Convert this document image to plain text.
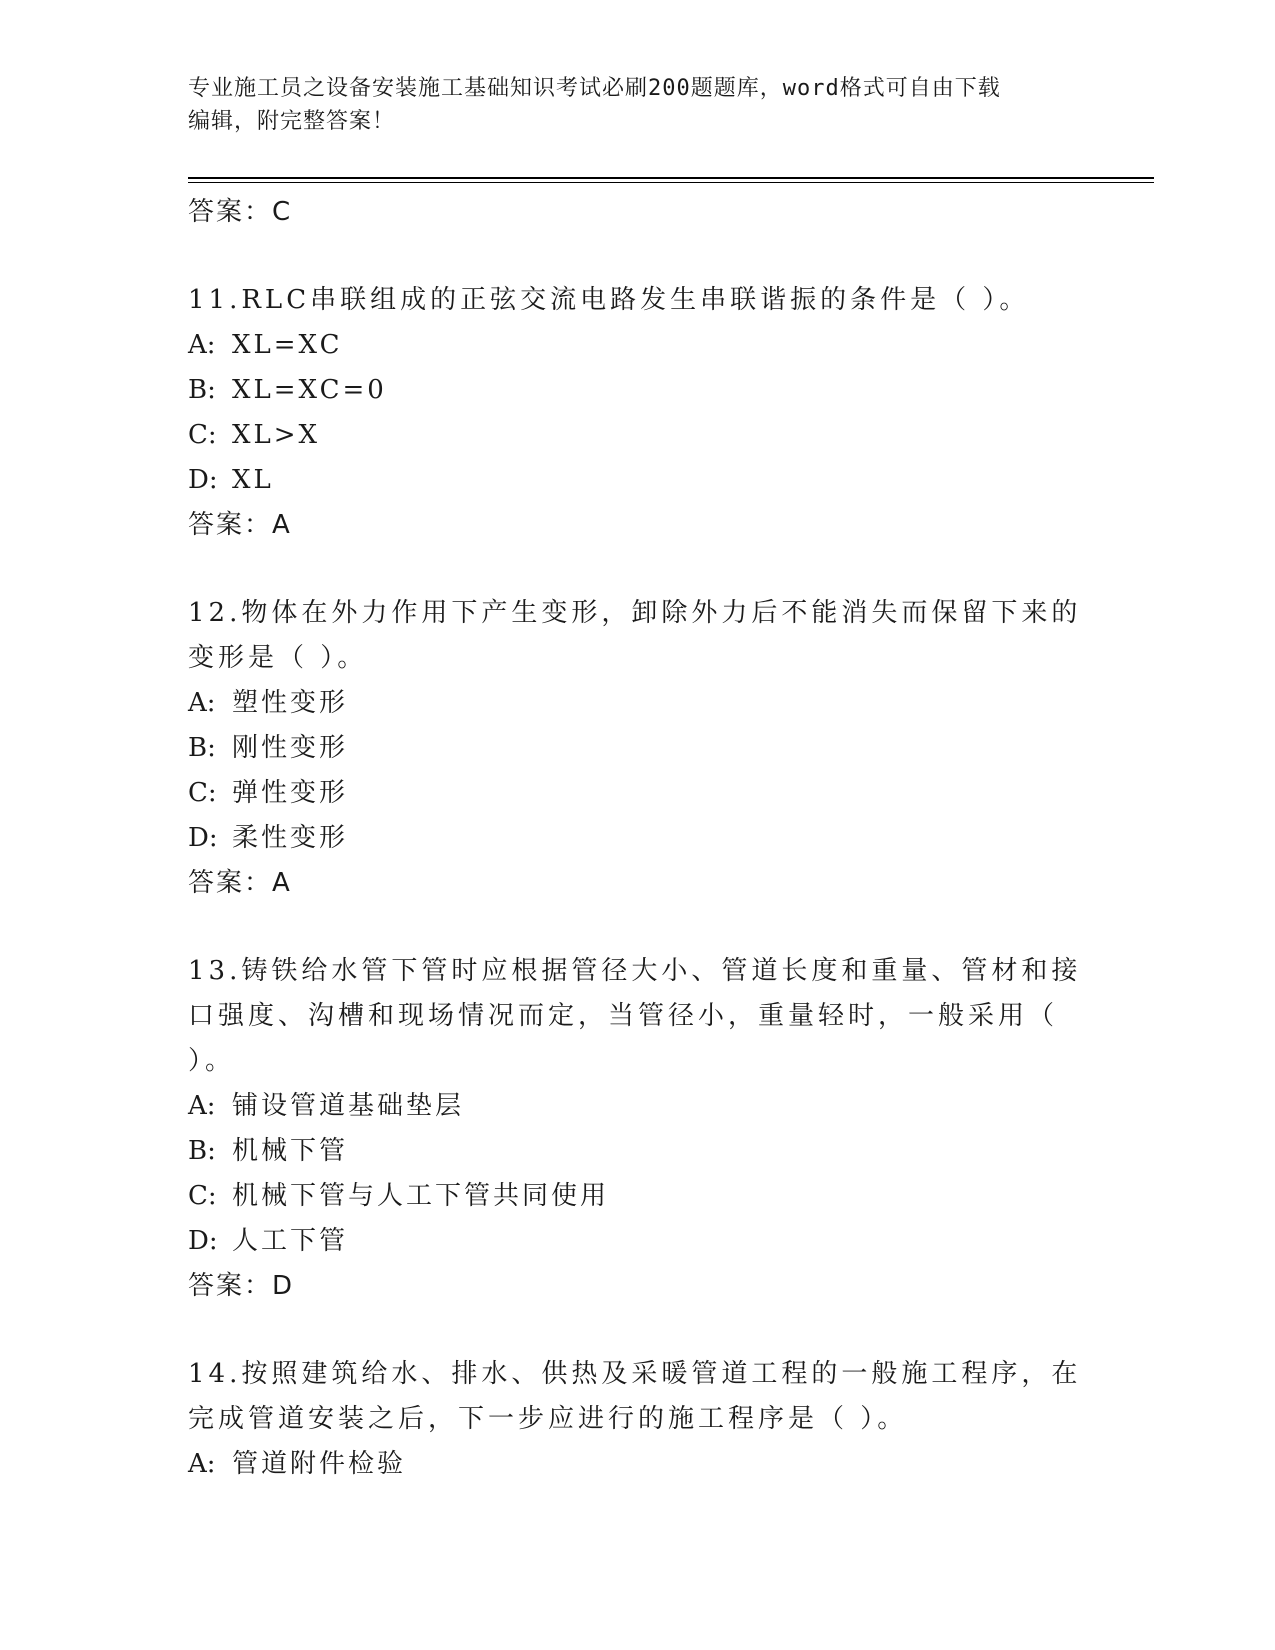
专业施工员之设备安装施工基础知识考试必刷200题题库，word格式可自由下载
编辑，附完整答案！
答案：C
11.RLC串联组成的正弦交流电路发生串联谐振的条件是（ ）。
A: XL=XC
B: XL=XC=0
C: XL>X
D: XL
答案：A
12.物体在外力作用下产生变形，卸除外力后不能消失而保留下来的变形是（ ）。
A: 塑性变形
B: 刚性变形
C: 弹性变形
D: 柔性变形
答案：A
13.铸铁给水管下管时应根据管径大小、管道长度和重量、管材和接口强度、沟槽和现场情况而定，当管径小，重量轻时，一般采用（ ）。
A: 铺设管道基础垫层
B: 机械下管
C: 机械下管与人工下管共同使用
D: 人工下管
答案：D
14.按照建筑给水、排水、供热及采暖管道工程的一般施工程序，在完成管道安装之后，下一步应进行的施工程序是（ ）。
A: 管道附件检验
